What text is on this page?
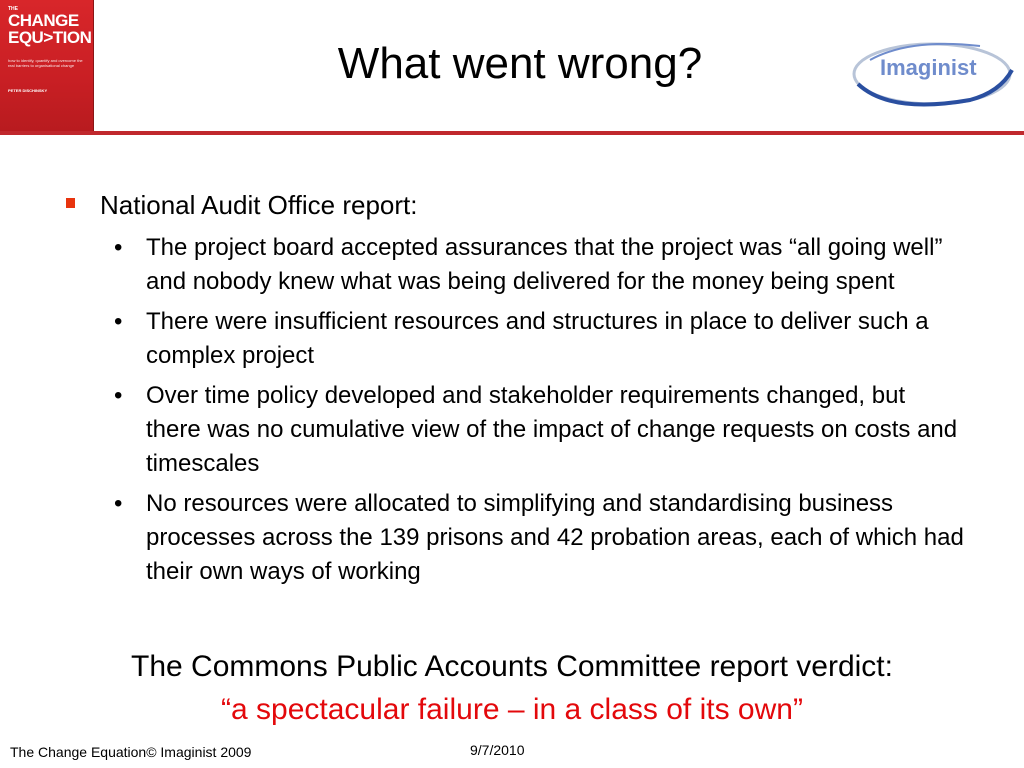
THE
CHANGE
EQU>TION
how to identify, quantify and overcome the real barriers to organisational change
PETER DISCHINSKY
What went wrong?	Imaginist
National Audit Office report:
• The project board accepted assurances that the project was “all going well” and nobody knew what was being delivered for the money being spent
• There were insufficient resources and structures in place to deliver such a complex project
• Over time policy developed and stakeholder requirements changed, but there was no cumulative view of the impact of change requests on costs and timescales
• No resources were allocated to simplifying and standardising business processes across the 139 prisons and 42 probation areas, each of which had their own ways of working
The Commons Public Accounts Committee report verdict:
“a spectacular failure – in a class of its own”
The Change Equation© Imaginist 2009	9/7/2010
